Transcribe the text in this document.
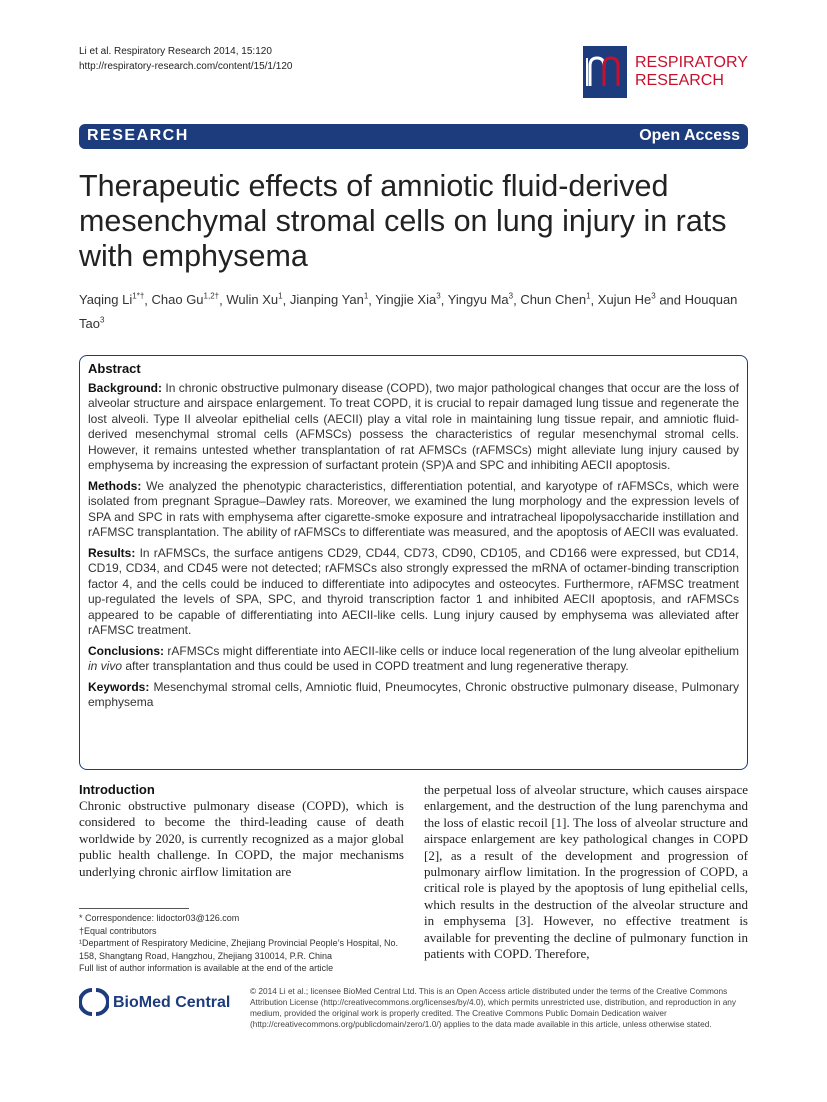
Li et al. Respiratory Research 2014, 15:120
http://respiratory-research.com/content/15/1/120	RESPIRATORY
RESEARCH
RESEARCH	Open Access
Therapeutic effects of amniotic fluid-derived mesenchymal stromal cells on lung injury in rats with emphysema
Yaqing $Li^{1*\dagger}$, Chao $Gu^{1,2\dagger}$, Wulin Xu$^1$, Jianping Yan$^1$, Yingjie Xia$^3$, Yingyu Ma$^3$, Chun Chen$^1$, Xujun He$^3$ and Houquan Tao$^3$
Abstract

Background: In chronic obstructive pulmonary disease (COPD), two major pathological changes that occur are the loss of alveolar structure and airspace enlargement. To treat COPD, it is crucial to repair damaged lung tissue and regenerate the lost alveoli. Type II alveolar epithelial cells (AECII) play a vital role in maintaining lung tissue repair, and amniotic fluid-derived mesenchymal stromal cells (AFMSCs) possess the characteristics of regular mesenchymal stromal cells. However, it remains untested whether transplantation of rat AFMSCs (rAFMSCs) might alleviate lung injury caused by emphysema by increasing the expression of surfactant protein (SP)A and SPC and inhibiting AECII apoptosis.

Methods: We analyzed the phenotypic characteristics, differentiation potential, and karyotype of rAFMSCs, which were isolated from pregnant Sprague–Dawley rats. Moreover, we examined the lung morphology and the expression levels of SPA and SPC in rats with emphysema after cigarette-smoke exposure and intratracheal lipopolysaccharide instillation and rAFMSC transplantation. The ability of rAFMSCs to differentiate was measured, and the apoptosis of AECII was evaluated.

Results: In rAFMSCs, the surface antigens CD29, CD44, CD73, CD90, CD105, and CD166 were expressed, but CD14, CD19, CD34, and CD45 were not detected; rAFMSCs also strongly expressed the mRNA of octamer-binding transcription factor 4, and the cells could be induced to differentiate into adipocytes and osteocytes. Furthermore, rAFMSC treatment up-regulated the levels of SPA, SPC, and thyroid transcription factor 1 and inhibited AECII apoptosis, and rAFMSCs appeared to be capable of differentiating into AECII-like cells. Lung injury caused by emphysema was alleviated after rAFMSC treatment.

Conclusions: rAFMSCs might differentiate into AECII-like cells or induce local regeneration of the lung alveolar epithelium in vivo after transplantation and thus could be used in COPD treatment and lung regenerative therapy.

Keywords: Mesenchymal stromal cells, Amniotic fluid, Pneumocytes, Chronic obstructive pulmonary disease, Pulmonary emphysema

Introduction

Chronic obstructive pulmonary disease (COPD), which is considered to become the third-leading cause of death worldwide by 2020, is currently recognized as a major global public health challenge. In COPD, the major mechanisms underlying chronic airflow limitation are

the perpetual loss of alveolar structure, which causes airspace enlargement, and the destruction of the lung parenchyma and the loss of elastic recoil [1]. The loss of alveolar structure and airspace enlargement are key pathological changes in COPD [2], as a result of the development and progression of pulmonary airflow limitation. In the progression of COPD, a critical role is played by the apoptosis of lung epithelial cells, which results in the destruction of the alveolar structure and in emphysema [3]. However, no effective treatment is available for preventing the decline of pulmonary function in patients with COPD. Therefore,

* Correspondence: lidoctor03@126.com
†Equal contributors
¹Department of Respiratory Medicine, Zhejiang Provincial People’s Hospital, No. 158, Shangtang Road, Hangzhou, Zhejiang 310014, P.R. China
Full list of author information is available at the end of the article
BioMed Central
© 2014 Li et al.; licensee BioMed Central Ltd. This is an Open Access article distributed under the terms of the Creative Commons Attribution License (http://creativecommons.org/licenses/by/4.0), which permits unrestricted use, distribution, and reproduction in any medium, provided the original work is properly credited. The Creative Commons Public Domain Dedication waiver (http://creativecommons.org/publicdomain/zero/1.0/) applies to the data made available in this article, unless otherwise stated.
